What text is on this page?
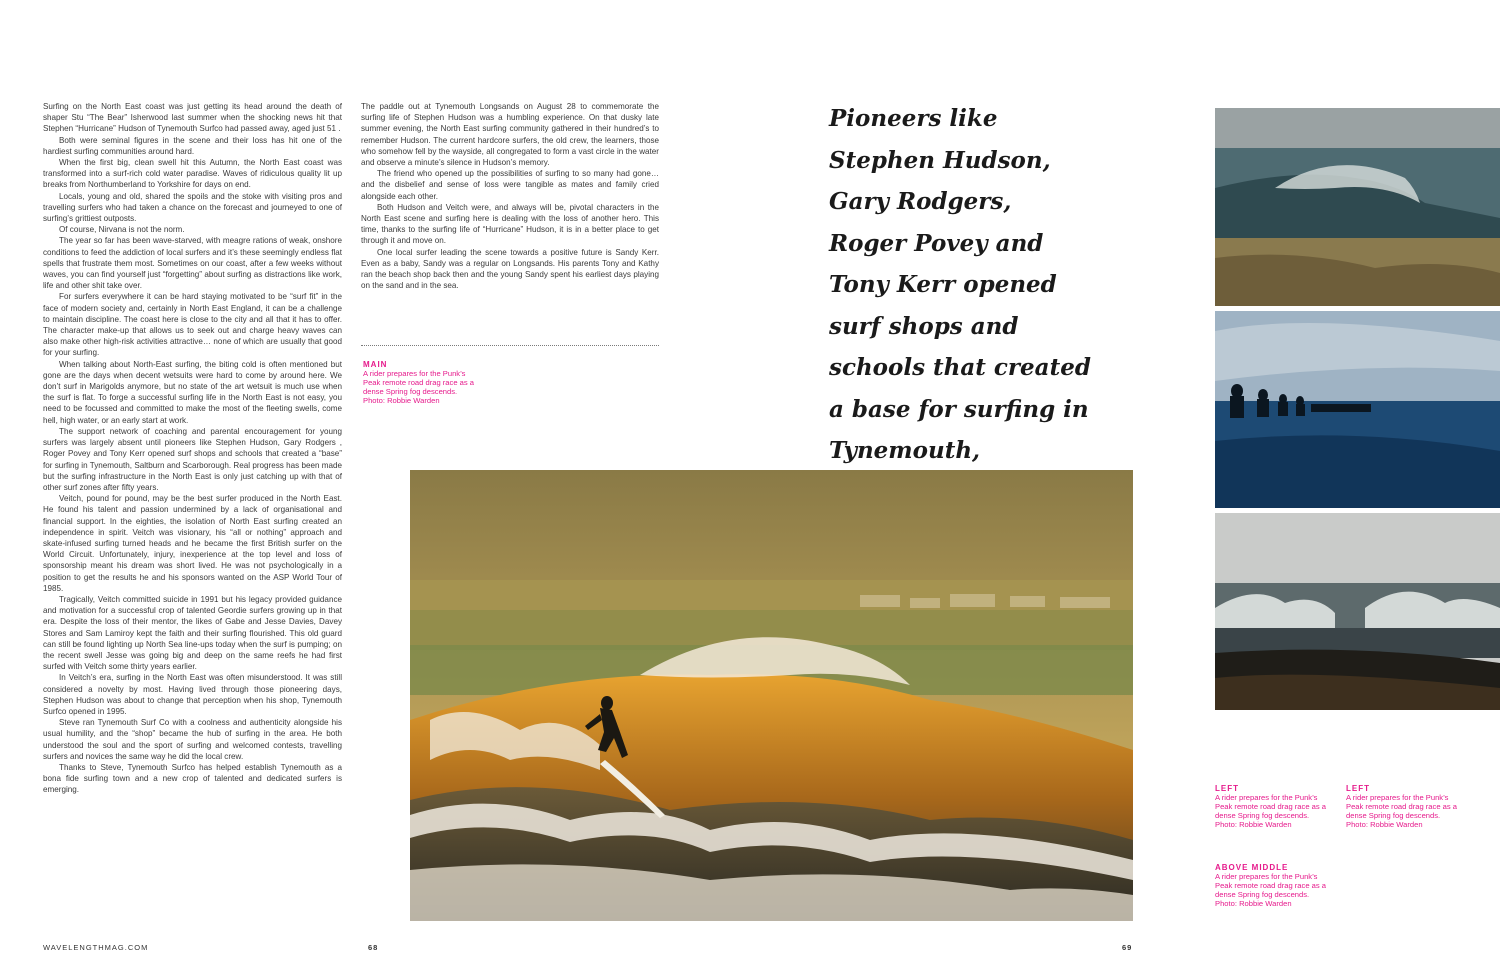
Surfing on the North East coast was just getting its head around the death of shaper Stu “The Bear” Isherwood last summer when the shocking news hit that Stephen “Hurricane” Hudson of Tynemouth Surfco had passed away, aged just 51 .

Both were seminal figures in the scene and their loss has hit one of the hardiest surfing communities around hard.

When the first big, clean swell hit this Autumn, the North East coast was transformed into a surf-rich cold water paradise. Waves of ridiculous quality lit up breaks from Northumberland to Yorkshire for days on end.

Locals, young and old, shared the spoils and the stoke with visiting pros and travelling surfers who had taken a chance on the forecast and journeyed to one of surfing’s grittiest outposts.

Of course, Nirvana is not the norm.

The year so far has been wave-starved, with meagre rations of weak, onshore conditions to feed the addiction of local surfers and it’s these seemingly endless flat spells that frustrate them most. Sometimes on our coast, after a few weeks without waves, you can find yourself just “forgetting” about surfing as distractions like work, life and other shit take over.

For surfers everywhere it can be hard staying motivated to be “surf fit” in the face of modern society and, certainly in North East England, it can be a challenge to maintain discipline. The coast here is close to the city and all that it has to offer. The character make-up that allows us to seek out and charge heavy waves can also make other high-risk activities attractive… none of which are usually that good for your surfing.

When talking about North-East surfing, the biting cold is often mentioned but gone are the days when decent wetsuits were hard to come by around here. We don’t surf in Marigolds anymore, but no state of the art wetsuit is much use when the surf is flat. To forge a successful surfing life in the North East is not easy, you need to be focussed and committed to make the most of the fleeting swells, come hell, high water, or an early start at work.

The support network of coaching and parental encouragement for young surfers was largely absent until pioneers like Stephen Hudson, Gary Rodgers , Roger Povey and Tony Kerr opened surf shops and schools that created a “base” for surfing in Tynemouth, Saltburn and Scarborough. Real progress has been made but the surfing infrastructure in the North East is only just catching up with that of other surf zones after fifty years.

Veitch, pound for pound, may be the best surfer produced in the North East. He found his talent and passion undermined by a lack of organisational and financial support. In the eighties, the isolation of North East surfing created an independence in spirit. Veitch was visionary, his “all or nothing” approach and skate-infused surfing turned heads and he became the first British surfer on the World Circuit. Unfortunately, injury, inexperience at the top level and loss of sponsorship meant his dream was short lived. He was not psychologically in a position to get the results he and his sponsors wanted on the ASP World Tour of 1985.

Tragically, Veitch committed suicide in 1991 but his legacy provided guidance and motivation for a successful crop of talented Geordie surfers growing up in that era. Despite the loss of their mentor, the likes of Gabe and Jesse Davies, Davey Stores and Sam Lamiroy kept the faith and their surfing flourished. This old guard can still be found lighting up North Sea line-ups today when the surf is pumping; on the recent swell Jesse was going big and deep on the same reefs he had first surfed with Veitch some thirty years earlier.

In Veitch’s era, surfing in the North East was often misunderstood. It was still considered a novelty by most. Having lived through those pioneering days, Stephen Hudson was about to change that perception when his shop, Tynemouth Surfco opened in 1995.

Steve ran Tynemouth Surf Co with a coolness and authenticity alongside his usual humility, and the “shop” became the hub of surfing in the area. He both understood the soul and the sport of surfing and welcomed contests, travelling surfers and novices the same way he did the local crew.

Thanks to Steve, Tynemouth Surfco has helped establish Tynemouth as a bona fide surfing town and a new crop of talented and dedicated surfers is emerging.

The paddle out at Tynemouth Longsands on August 28 to commemorate the surfing life of Stephen Hudson was a humbling experience. On that dusky late summer evening, the North East surfing community gathered in their hundred’s to remember Hudson. The current hardcore surfers, the old crew, the learners, those who somehow fell by the wayside, all congregated to form a vast circle in the water and observe a minute’s silence in Hudson’s memory.

The friend who opened up the possibilities of surfing to so many had gone… and the disbelief and sense of loss were tangible as mates and family cried alongside each other.

Both Hudson and Veitch were, and always will be, pivotal characters in the North East scene and surfing here is dealing with the loss of another hero. This time, thanks to the surfing life of “Hurricane” Hudson, it is in a better place to get through it and move on.

One local surfer leading the scene towards a positive future is Sandy Kerr. Even as a baby, Sandy was a regular on Longsands. His parents Tony and Kathy ran the beach shop back then and the young Sandy spent his earliest days playing on the sand and in the sea.

MAIN
A rider prepares for the Punk’s Peak remote road drag race as a dense Spring fog descends. Photo: Robbie Warden

Pioneers like Stephen Hudson, Gary Rodgers, Roger Povey and Tony Kerr opened surf shops and schools that created a base for surfing in Tynemouth,

LEFT
A rider prepares for the Punk’s Peak remote road drag race as a dense Spring fog descends. Photo: Robbie Warden
LEFT
A rider prepares for the Punk’s Peak remote road drag race as a dense Spring fog descends. Photo: Robbie Warden
ABOVE MIDDLE
A rider prepares for the Punk’s Peak remote road drag race as a dense Spring fog descends. Photo: Robbie Warden
WAVELENGTHMAG.COM	68	69
